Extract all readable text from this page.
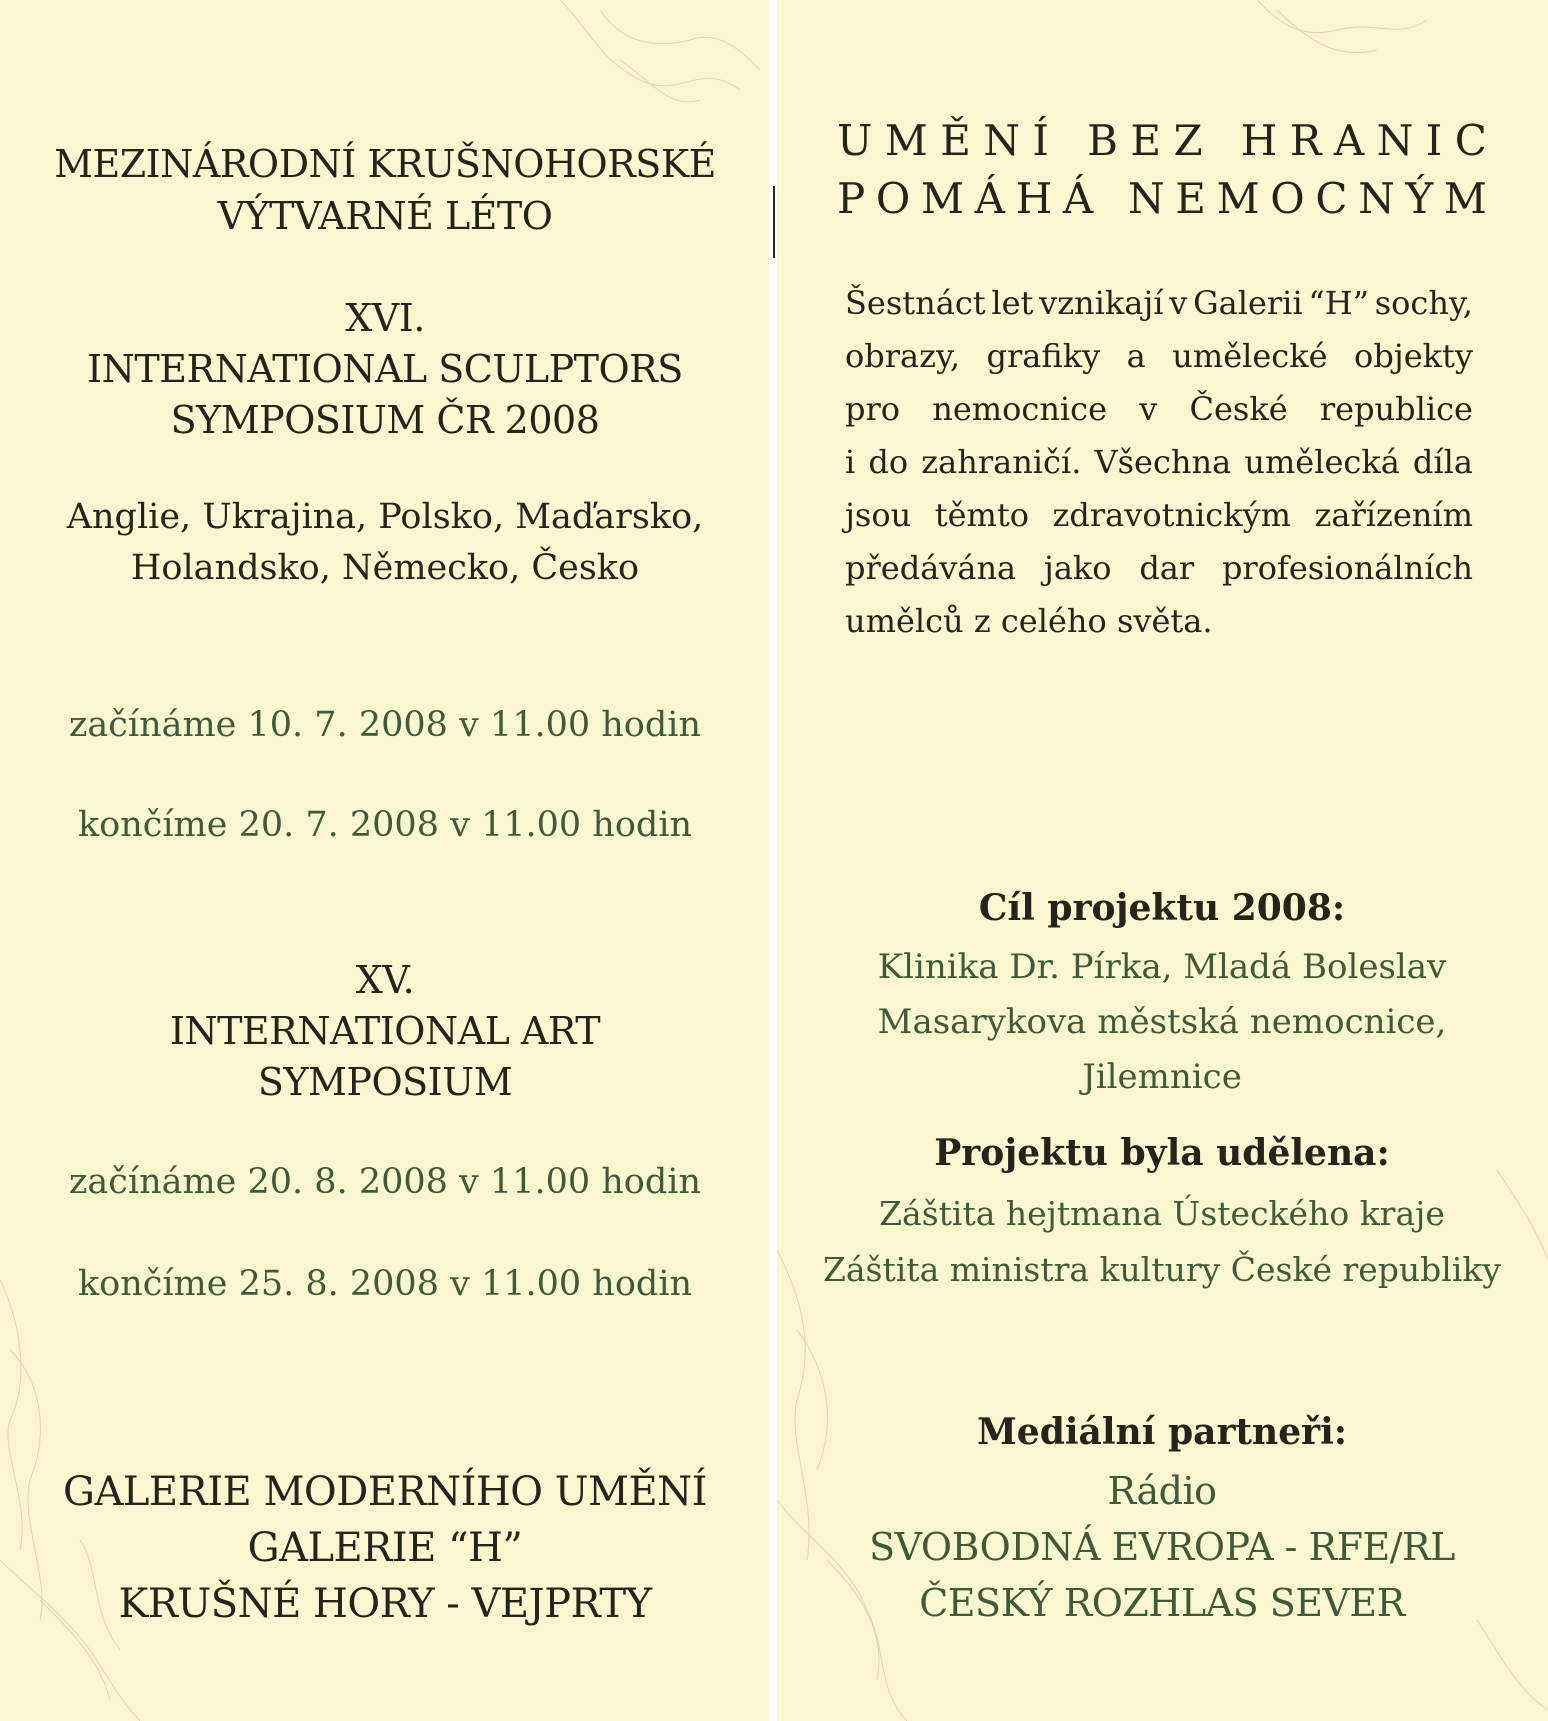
MEZINÁRODNÍ KRUŠNOHORSKÉ
VÝTVARNÉ LÉTO
XVI.
INTERNATIONAL SCULPTORS
SYMPOSIUM ČR 2008
Anglie, Ukrajina, Polsko, Maďarsko,
Holandsko, Německo, Česko
začínáme 10. 7. 2008 v 11.00 hodin
končíme 20. 7. 2008 v 11.00 hodin
XV.
INTERNATIONAL ART
SYMPOSIUM
začínáme 20. 8. 2008 v 11.00 hodin
končíme 25. 8. 2008 v 11.00 hodin
GALERIE MODERNÍHO UMĚNÍ
GALERIE “H”
KRUŠNÉ HORY - VEJPRTY
U M Ě N Í
B E Z
H R A N I C
P O M Á H Á
N E M O C N Ý M
Šestnáct let vznikají v Galerii “H” sochy,
obrazy, grafiky a umělecké objekty
pro nemocnice v České republice
i do zahraničí. Všechna umělecká díla
jsou těmto zdravotnickým zařízením
předávána jako dar profesionálních
umělců z celého světa.
Cíl projektu 2008:
Klinika Dr. Pírka, Mladá Boleslav
Masarykova městská nemocnice,
Jilemnice
Projektu byla udělena:
Záštita hejtmana Ústeckého kraje
Záštita ministra kultury České republiky
Mediální partneři:
Rádio
SVOBODNÁ EVROPA - RFE/RL
ČESKÝ ROZHLAS SEVER
